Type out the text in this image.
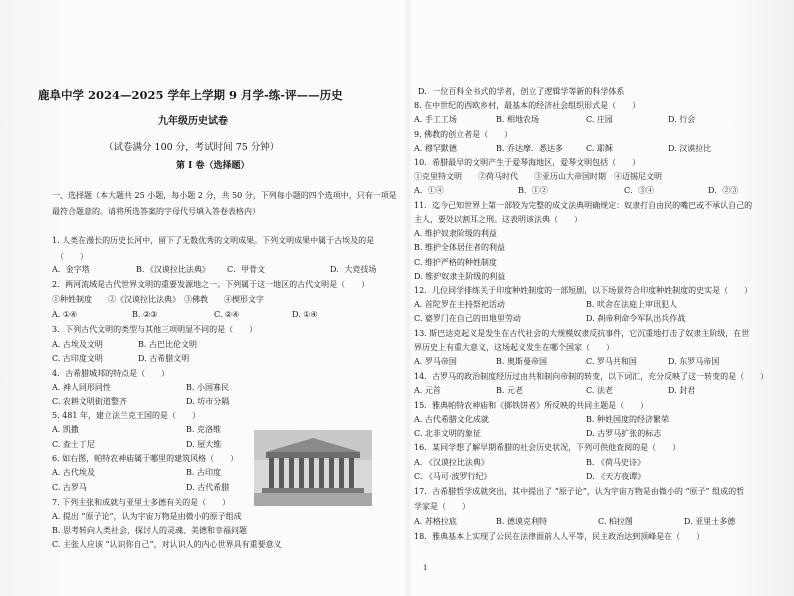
鹿阜中学 2024—2025 学年上学期 9 月学-练-评——历史
九年级历史试卷
（试卷满分 100 分，考试时间 75 分钟）
第 I 卷（选择题）
一、选择题（本大题共 25 小题，每小题 2 分，共 50 分，下列每小题的四个选项中，只有一项是
最符合题意的。请将所选答案的字母代号填入答卷表格内）
1. 人类在漫长的历史长河中，留下了无数优秀的文明成果。下列文明成果中属于古埃及的是
（　　）
A．金字塔	B．《汉谟拉比法典》 C．甲骨文	D．大竞技场
2．两河流域是古代世界文明的重要发源地之一。下列属于这一地区的古代文明是（　　）
①种姓制度　　②《汉谟拉比法典》　③佛教　　④楔形文字
A. ①④	B. ②③	C. ②④	D. ①④
3．下列古代文明的类型与其他三项明显不同的是（　　）
A. 古埃及文明	B. 古巴比伦文明
C. 古印度文明	D. 古希腊文明
4．古希腊城邦的特点是（　　）
A. 神人同形同性	B. 小国寡民
C. 农耕文明街道整齐	D. 坊市分隔
5. 481 年，建立法兰克王国的是（　　）
A. 凯撒	B. 克洛维
C. 查士丁尼	D. 屋大维
6. 如右图，帕特农神庙属于哪里的建筑风格（　　）
A. 古代埃及	B. 古印度
C. 古罗马	D. 古代希腊
7. 下列主张和成就与亚里士多德有关的是（　　）
A. 提出 “原子论”，认为宇宙万物是由微小的原子组成
B. 思考转向人类社会，探讨人的灵魂、美德和幸福问题
C. 主张人应该 “认识你自己”，对认识人的内心世界具有重要意义
D．一位百科全书式的学者，创立了逻辑学等新的科学体系
8. 在中世纪的西欧乡村，最基本的经济社会组织形式是（　　）
A. 手工工场	B. 相地农场	C. 庄园	D. 行会
9. 佛教的创立者是（　　）
A. 穆罕默德	B. 乔达摩．悉达多	C. 耶稣	D. 汉谟拉比
10．希腊最早的文明产生于爱琴海地区，爱琴文明包括（　　）
①克里特文明　　②荷马时代　　③亚历山大帝国时期　④迈锡尼文明
A．①④	B．①②	C．③④	D．②③
11．迄今已知世界上第一部较为完整的成文法典明确规定：奴隶打自由民的嘴巴或不承认自己的
主人，要处以割耳之刑。这表明该法典（　　）
A. 维护奴隶阶级的利益
B. 维护全体居住者的利益
C. 维护严格的种姓制度
D. 维护奴隶主阶级的利益
12．几位同学排练关于印度种姓制度的一部短剧，以下场景符合印度种姓制度的史实是（　　）
A. 首陀罗在主持祭祀活动	B. 吠舍在法庭上审讯犯人
C. 婆罗门在自己的田地里劳动	D. 刹帝利命令军队出兵作战
13. 斯巴达克起义是发生在古代社会的大规模奴隶反抗事件，它沉重地打击了奴隶主阶级，在世
界历史上有重大意义，这场起义发生在哪个国家（　　）
A. 罗马帝国	B. 奥斯曼帝国	C. 罗马共和国	D. 东罗马帝国
14．古罗马的政治制度经历过由共和制向帝制的转变，以下词汇，充分反映了这一转变的是（　　）
A. 元首	B. 元老	C. 法老	D. 封君
15．雅典帕特农神庙和《掷铁饼者》所反映的共同主题是（　　）
A. 古代希腊文化成就	B. 种姓国度的经济繁荣
C. 北非文明的象征	D. 古罗马扩张的标志
16．某同学想了解早期希腊的社会历史状况，下列可供他查阅的是（　　）
A. 《汉谟拉比法典》	B. 《荷马史诗》
C. 《马可·波罗行纪》	D. 《天方夜谭》
17．古希腊哲学成就突出，其中提出了 “原子论”，认为宇宙万物是由微小的 “原子” 组成的哲
学家是（　　）
A. 苏格拉底	B. 德谟克利特	C. 柏拉图	D. 亚里士多德
18．雅典基本上实现了公民在法律面前人人平等，民主政治达到顶峰是在（　　）
1
